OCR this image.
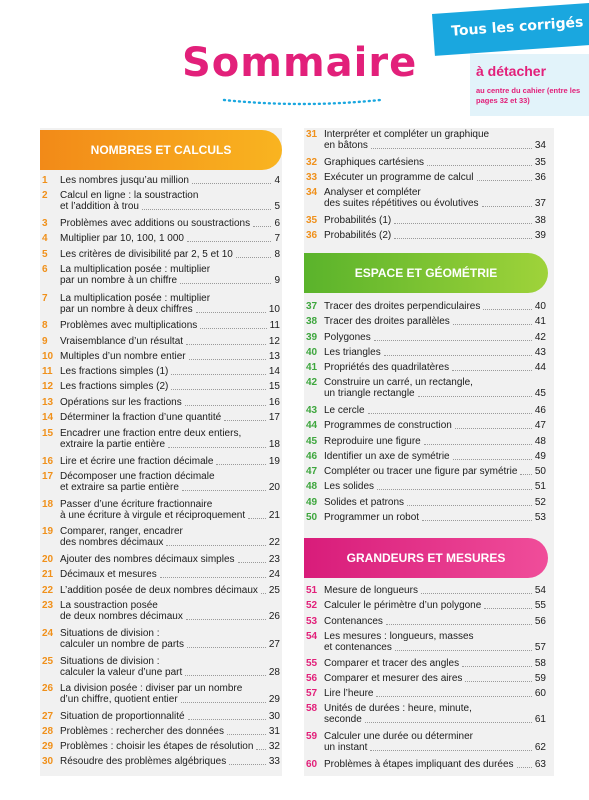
Sommaire
Tous les corrigés
à détacher
au centre du cahier (entre les pages 32 et 33)
NOMBRES ET CALCULS
ESPACE ET GÉOMÉTRIE
GRANDEURS ET MESURES
1	Les nombres jusqu’au million	4
2	Calcul en ligne : la soustraction
et l’addition à trou	5
3	Problèmes avec additions ou soustractions 6
4	Multiplier par 10, 100, 1 000	7
5	Les critères de divisibilité par 2, 5 et 10	8
6	La multiplication posée : multiplier
par un nombre à un chiffre	9
7	La multiplication posée : multiplier
par un nombre à deux chiffres	10
8	Problèmes avec multiplications	11
9	Vraisemblance d’un résultat	12
10 Multiples d’un nombre entier	13
11 Les fractions simples (1)	14
12 Les fractions simples (2)	15
13 Opérations sur les fractions	16
14 Déterminer la fraction d’une quantité	17
15 Encadrer une fraction entre deux entiers,
extraire la partie entière	18
16 Lire et écrire une fraction décimale	19
17 Décomposer une fraction décimale
et extraire sa partie entière	20
18 Passer d’une écriture fractionnaire
à une écriture à virgule et réciproquement 21
19 Comparer, ranger, encadrer
des nombres décimaux	22
20 Ajouter des nombres décimaux simples	23
21 Décimaux et mesures	24
22 L’addition posée de deux nombres décimaux 25
23 La soustraction posée
de deux nombres décimaux	26
24 Situations de division :
calculer un nombre de parts	27
25 Situations de division :
calculer la valeur d’une part	28
26 La division posée : diviser par un nombre
d’un chiffre, quotient entier	29
27 Situation de proportionnalité	30
28 Problèmes : rechercher des données	31
29 Problèmes : choisir les étapes de résolution 32
30 Résoudre des problèmes algébriques	33
31 Interpréter et compléter un graphique
en bâtons	34
32 Graphiques cartésiens	35
33 Exécuter un programme de calcul	36
34 Analyser et compléter
des suites répétitives ou évolutives	37
35 Probabilités (1)	38
36 Probabilités (2)	39
37 Tracer des droites perpendiculaires	40
38 Tracer des droites parallèles	41
39 Polygones	42
40 Les triangles	43
41 Propriétés des quadrilatères	44
42 Construire un carré, un rectangle,
un triangle rectangle	45
43 Le cercle	46
44 Programmes de construction	47
45 Reproduire une figure	48
46 Identifier un axe de symétrie	49
47 Compléter ou tracer une figure par symétrie 50
48 Les solides	51
49 Solides et patrons	52
50 Programmer un robot	53
51 Mesure de longueurs	54
52 Calculer le périmètre d’un polygone	55
53 Contenances	56
54 Les mesures : longueurs, masses
et contenances	57
55 Comparer et tracer des angles	58
56 Comparer et mesurer des aires	59
57 Lire l’heure	60
58 Unités de durées : heure, minute,
seconde	61
59 Calculer une durée ou déterminer
un instant	62
60 Problèmes à étapes impliquant des durées 63
